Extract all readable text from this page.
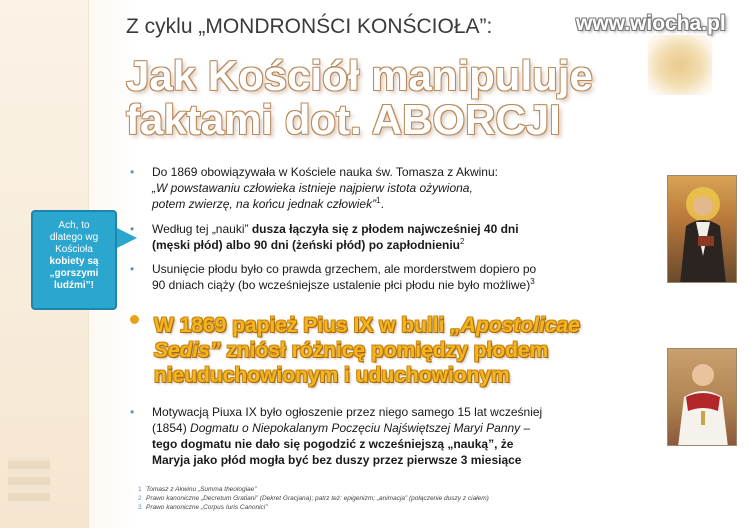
Z cyklu „MONDRONŚCI KONŚCIOŁA”:	www.wiocha.pl
Jak Kościół manipuluje
faktami dot. ABORCJI
• Do 1869 obowiązywała w Kościele nauka św. Tomasza z Akwinu:
„W powstawaniu człowieka istnieje najpierw istota ożywiona,
potem zwierzę, na końcu jednak człowiek”$^1$.
• Według tej „nauki” dusza łączyła się z płodem najwcześniej 40 dni
(męski płód) albo 90 dni (żeński płód) po zapłodnieniu$^2$
• Usunięcie płodu było co prawda grzechem, ale morderstwem dopiero po
90 dniach ciąży (bo wcześniejsze ustalenie płci płodu nie było możliwe)$^3$
• Motywacją Piuxa IX było ogłoszenie przez niego samego 15 lat wcześniej
(1854) Dogmatu o Niepokalanym Poczęciu Najświętszej Maryi Panny –
tego dogmatu nie dało się pogodzić z wcześniejszą „nauką”, że
Maryja jako płód mogła być bez duszy przez pierwsze 3 miesiące
W 1869 papież Pius IX w bulli „Apostolicae
Sedis” zniósł różnicę pomiędzy płodem
nieuduchowionym i uduchowionym
Ach, to
dlatego wg
Kościoła
kobiety są
„gorszymi
ludźmi”!
1 Tomasz z Akwinu „Summa theologiae”
2 Prawo kanoniczne „Decretum Gratiani” (Dekret Gracjana); patrz też: epigenizm; „animacja” (połączenie duszy z ciałem)
3 Prawo kanoniczne „Corpus Iuris Canonici”
